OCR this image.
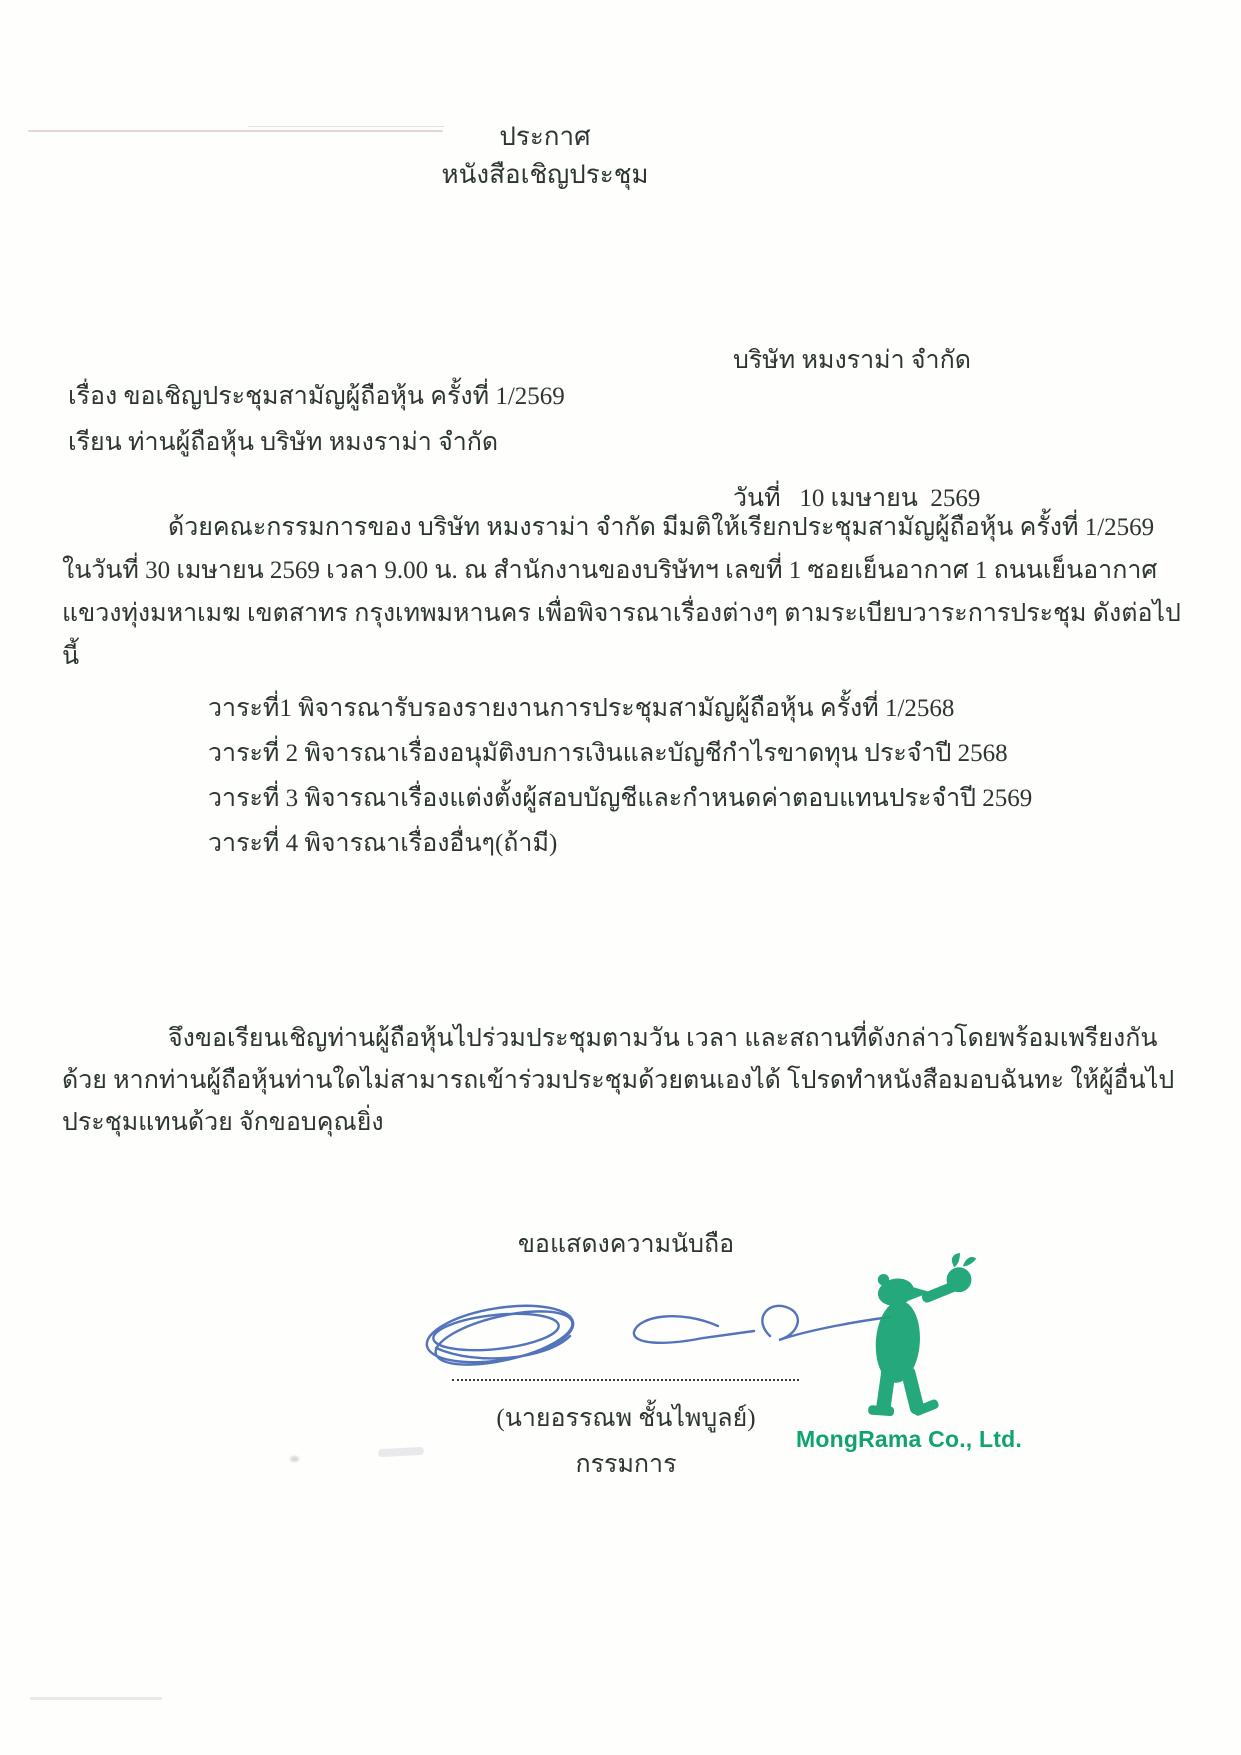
ประกาศ
หนังสือเชิญประชุม

บริษัท หมงราม่า จำกัด

วันที่   10 เมษายน  2569

เรื่อง ขอเชิญประชุมสามัญผู้ถือหุ้น ครั้งที่ 1/2569
เรียน ท่านผู้ถือหุ้น บริษัท หมงราม่า จำกัด
ด้วยคณะกรรมการของ บริษัท หมงราม่า จำกัด มีมติให้เรียกประชุมสามัญผู้ถือหุ้น ครั้งที่ 1/2569 ในวันที่ 30 เมษายน 2569 เวลา 9.00 น. ณ สำนักงานของบริษัทฯ เลขที่ 1 ซอยเย็นอากาศ 1 ถนนเย็นอากาศ แขวงทุ่งมหาเมฆ เขตสาทร กรุงเทพมหานคร เพื่อพิจารณาเรื่องต่างๆ ตามระเบียบวาระการประชุม ดังต่อไปนี้
วาระที่1 พิจารณารับรองรายงานการประชุมสามัญผู้ถือหุ้น ครั้งที่ 1/2568
วาระที่ 2 พิจารณาเรื่องอนุมัติงบการเงินและบัญชีกำไรขาดทุน ประจำปี 2568
วาระที่ 3 พิจารณาเรื่องแต่งตั้งผู้สอบบัญชีและกำหนดค่าตอบแทนประจำปี 2569
วาระที่ 4 พิจารณาเรื่องอื่นๆ(ถ้ามี)
จึงขอเรียนเชิญท่านผู้ถือหุ้นไปร่วมประชุมตามวัน เวลา และสถานที่ดังกล่าวโดยพร้อมเพรียงกันด้วย หากท่านผู้ถือหุ้นท่านใดไม่สามารถเข้าร่วมประชุมด้วยตนเองได้ โปรดทำหนังสือมอบฉันทะ ให้ผู้อื่นไปประชุมแทนด้วย จักขอบคุณยิ่ง
ขอแสดงความนับถือ
(นายอรรณพ ชั้นไพบูลย์)
กรรมการ
MongRama Co., Ltd.
